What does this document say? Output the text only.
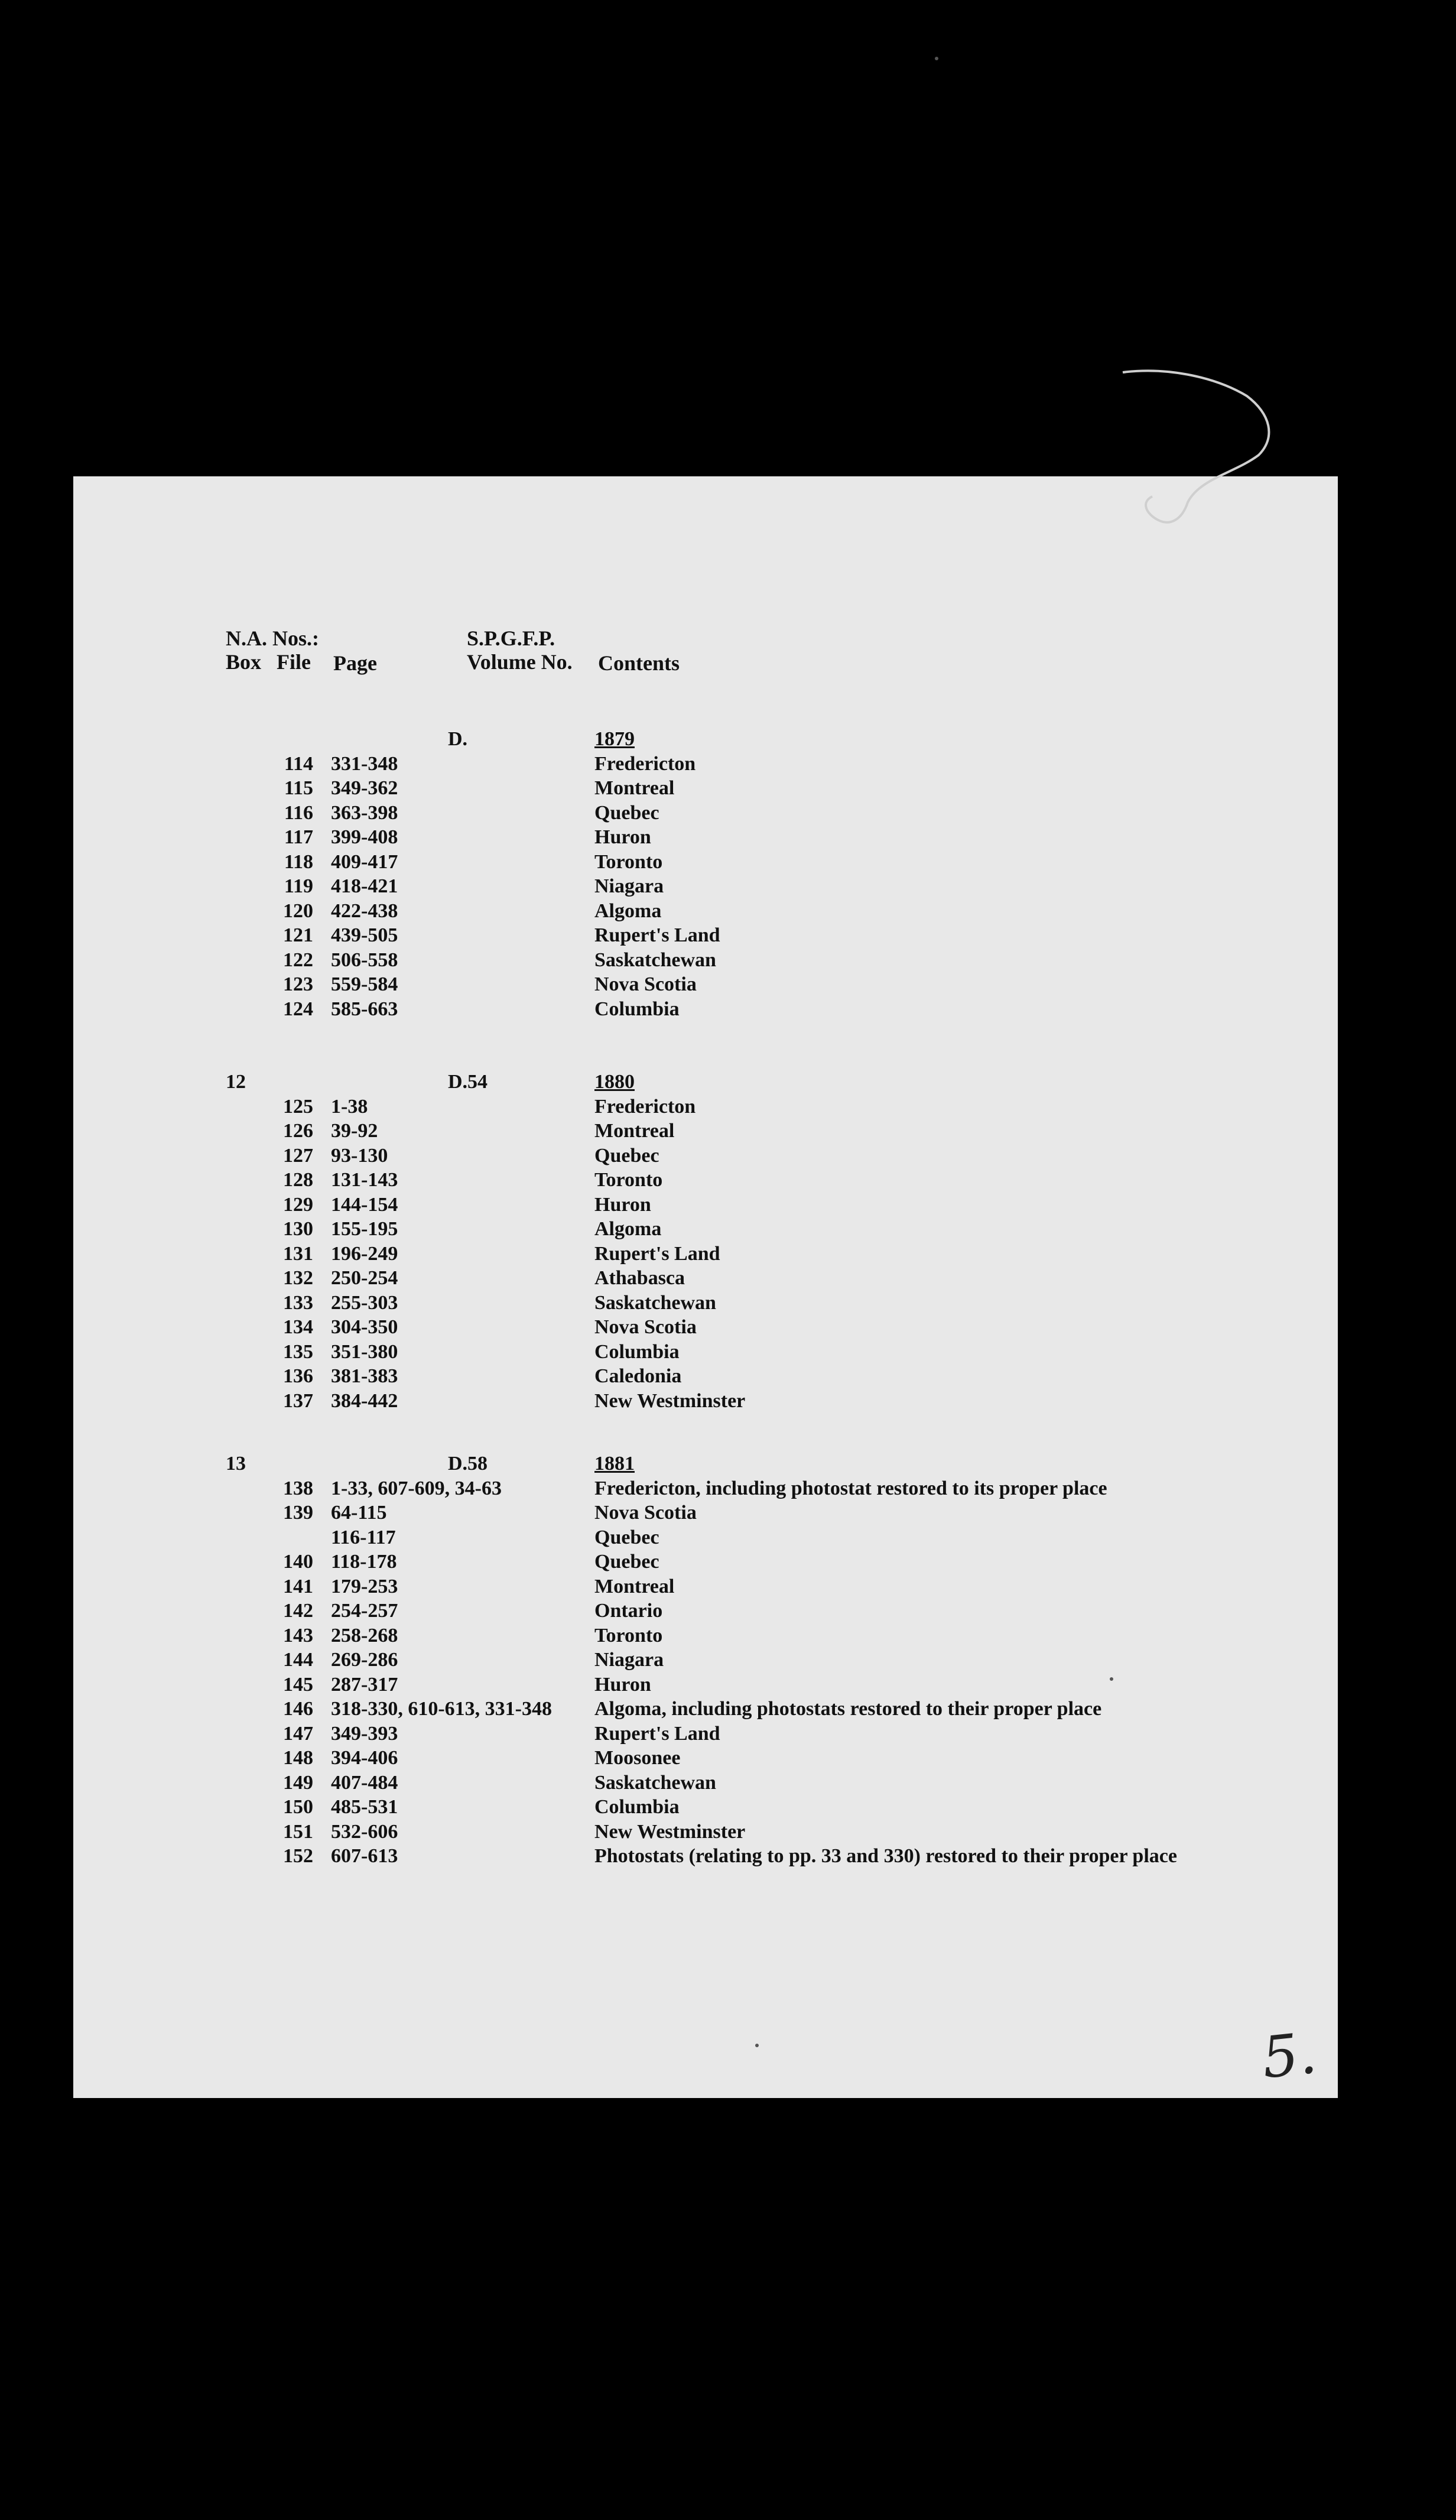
N.A. Nos.:
Box File Page
S.P.G.F.P.
Volume No. Contents
D.	1879
114 331-348	Fredericton
115 349-362	Montreal
116 363-398	Quebec
117 399-408	Huron
118 409-417	Toronto
119 418-421	Niagara
120 422-438	Algoma
121 439-505	Rupert's Land
122 506-558	Saskatchewan
123 559-584	Nova Scotia
124 585-663	Columbia
12	D.54	1880
125 1-38	Fredericton
126 39-92	Montreal
127 93-130	Quebec
128 131-143	Toronto
129 144-154	Huron
130 155-195	Algoma
131 196-249	Rupert's Land
132 250-254	Athabasca
133 255-303	Saskatchewan
134 304-350	Nova Scotia
135 351-380	Columbia
136 381-383	Caledonia
137 384-442	New Westminster
13	D.58	1881
138 1-33, 607-609, 34-63	Fredericton, including photostat restored to its proper place
139 64-115	Nova Scotia
116-117	Quebec
140 118-178	Quebec
141 179-253	Montreal
142 254-257	Ontario
143 258-268	Toronto
144 269-286	Niagara
145 287-317	Huron
146 318-330, 610-613, 331-348 Algoma, including photostats restored to their proper place
147 349-393	Rupert's Land
148 394-406	Moosonee
149 407-484	Saskatchewan
150 485-531	Columbia
151 532-606	New Westminster
152 607-613	Photostats (relating to pp. 33 and 330) restored to their proper place
5.
